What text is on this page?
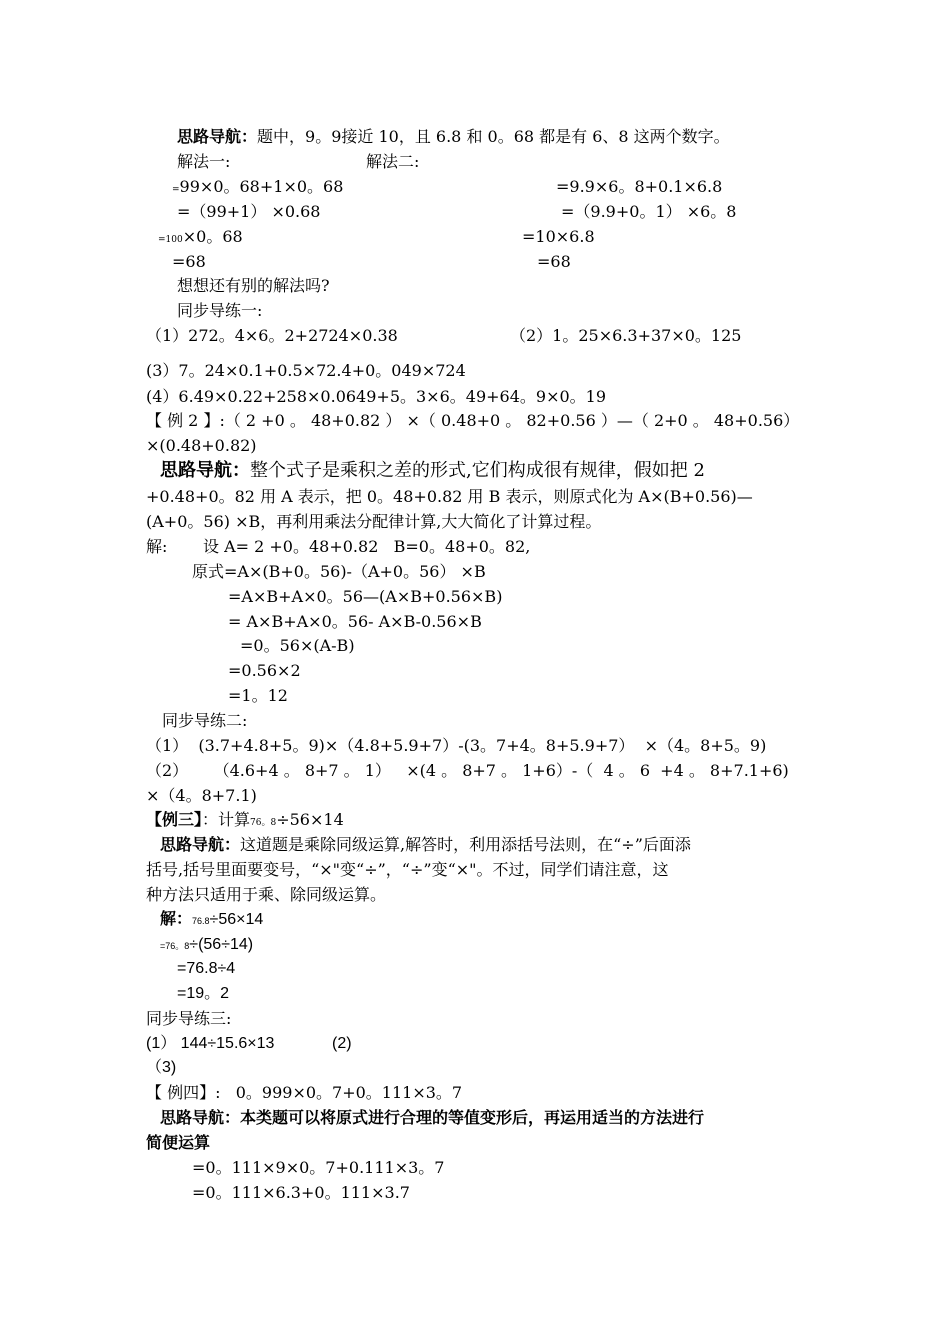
思路导航：题中，9。9接近 10，且 6.8 和 0。68 都是有 6、8 这两个数字。
解法一:	解法二:
=99×0。68+1×0。68	=9.9×6。8+0.1×6.8
=（99+1） ×0.68	=（9.9+0。1） ×6。8
=100×0。68	=10×6.8
=68	=68
想想还有别的解法吗?
同步导练一:
（1）272。4×6。2+2724×0.38	（2）1。25×6.3+37×0。125
(3）7。24×0.1+0.5×72.4+0。049×724
(4）6.49×0.22+258×0.0649+5。3×6。49+64。9×0。19
【 例 2 】:（ 2 +0 。 48+0.82 ） ×（ 0.48+0 。 82+0.56 ）—（ 2+0 。 48+0.56）
×(0.48+0.82)
思路导航：整个式子是乘积之差的形式,它们构成很有规律，假如把 2
+0.48+0。82 用 A 表示，把 0。48+0.82 用 B 表示，则原式化为 A×(B+0.56)—
(A+0。56) ×B，再利用乘法分配律计算,大大简化了计算过程。
解: 设 A= 2 +0。48+0.82   B=0。48+0。82,
原式=A×(B+0。56)-（A+0。56） ×B
=A×B+A×0。56—(A×B+0.56×B)
= A×B+A×0。56- A×B-0.56×B
=0。56×(A-B)
=0.56×2
=1。12
同步导练二:
（1）  (3.7+4.8+5。9)×（4.8+5.9+7）-(3。7+4。8+5.9+7）  ×（4。8+5。9)
（2）     （4.6+4 。 8+7 。 1）   ×(4 。 8+7 。 1+6）-（  4 。 6  +4 。 8+7.1+6)
×（4。8+7.1)
【例三】：计算76。8÷56×14
思路导航：这道题是乘除同级运算,解答时，利用添括号法则，在“÷”后面添
括号,括号里面要变号，“×"变“÷”，“÷”变“×"。不过，同学们请注意，这
种方法只适用于乘、除同级运算。
解：76.8÷56×14
=76。8÷(56÷14)
=76.8÷4
=19。2
同步导练三:
(1） 144÷15.6×13	(2)
（3)
【 例四】:   0。999×0。7+0。111×3。7
思路导航：本类题可以将原式进行合理的等值变形后，再运用适当的方法进行
简便运算
=0。111×9×0。7+0.111×3。7
=0。111×6.3+0。111×3.7
